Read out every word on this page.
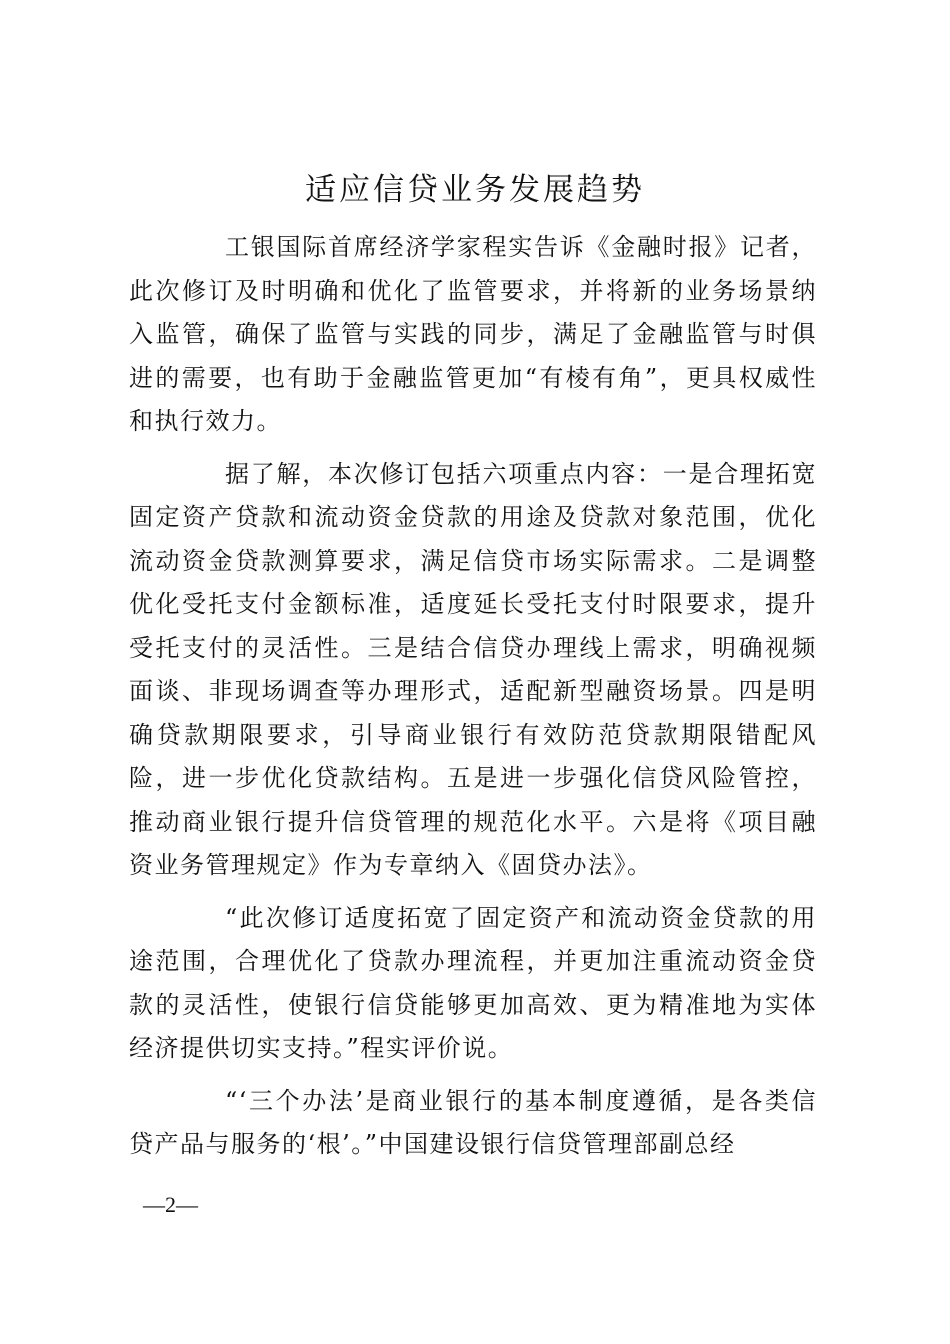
适应信贷业务发展趋势

工银国际首席经济学家程实告诉《金融时报》记者，此次修订及时明确和优化了监管要求，并将新的业务场景纳入监管，确保了监管与实践的同步，满足了金融监管与时俱进的需要，也有助于金融监管更加“有棱有角”，更具权威性和执行效力。

据了解，本次修订包括六项重点内容：一是合理拓宽固定资产贷款和流动资金贷款的用途及贷款对象范围，优化流动资金贷款测算要求，满足信贷市场实际需求。二是调整优化受托支付金额标准，适度延长受托支付时限要求，提升受托支付的灵活性。三是结合信贷办理线上需求，明确视频面谈、非现场调查等办理形式，适配新型融资场景。四是明确贷款期限要求，引导商业银行有效防范贷款期限错配风险，进一步优化贷款结构。五是进一步强化信贷风险管控，推动商业银行提升信贷管理的规范化水平。六是将《项目融资业务管理规定》作为专章纳入《固贷办法》。

“此次修订适度拓宽了固定资产和流动资金贷款的用途范围，合理优化了贷款办理流程，并更加注重流动资金贷款的灵活性，使银行信贷能够更加高效、更为精准地为实体经济提供切实支持。”程实评价说。

“‘三个办法’是商业银行的基本制度遵循，是各类信贷产品与服务的‘根’。”中国建设银行信贷管理部副总经

—2—
